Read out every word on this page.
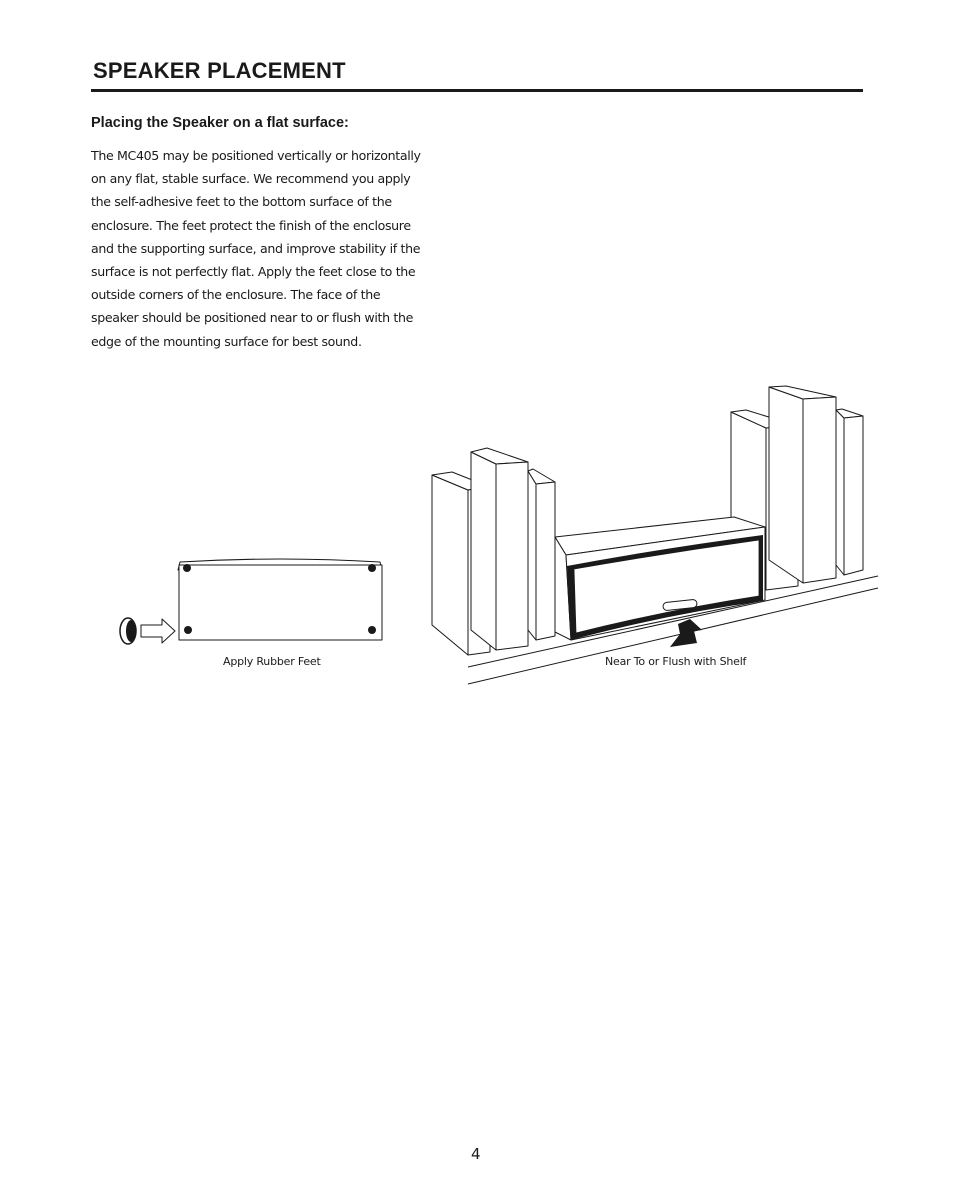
SPEAKER PLACEMENT
Placing the Speaker on a flat surface:

The MC405 may be positioned vertically or horizontally
on any flat, stable surface. We recommend you apply
the self-adhesive feet to the bottom surface of the
enclosure. The feet protect the finish of the enclosure
and the supporting surface, and improve stability if the
surface is not perfectly flat. Apply the feet close to the
outside corners of the enclosure. The face of the
speaker should be positioned near to or flush with the
edge of the mounting surface for best sound.

Apply Rubber Feet	Near To or Flush with Shelf
4
